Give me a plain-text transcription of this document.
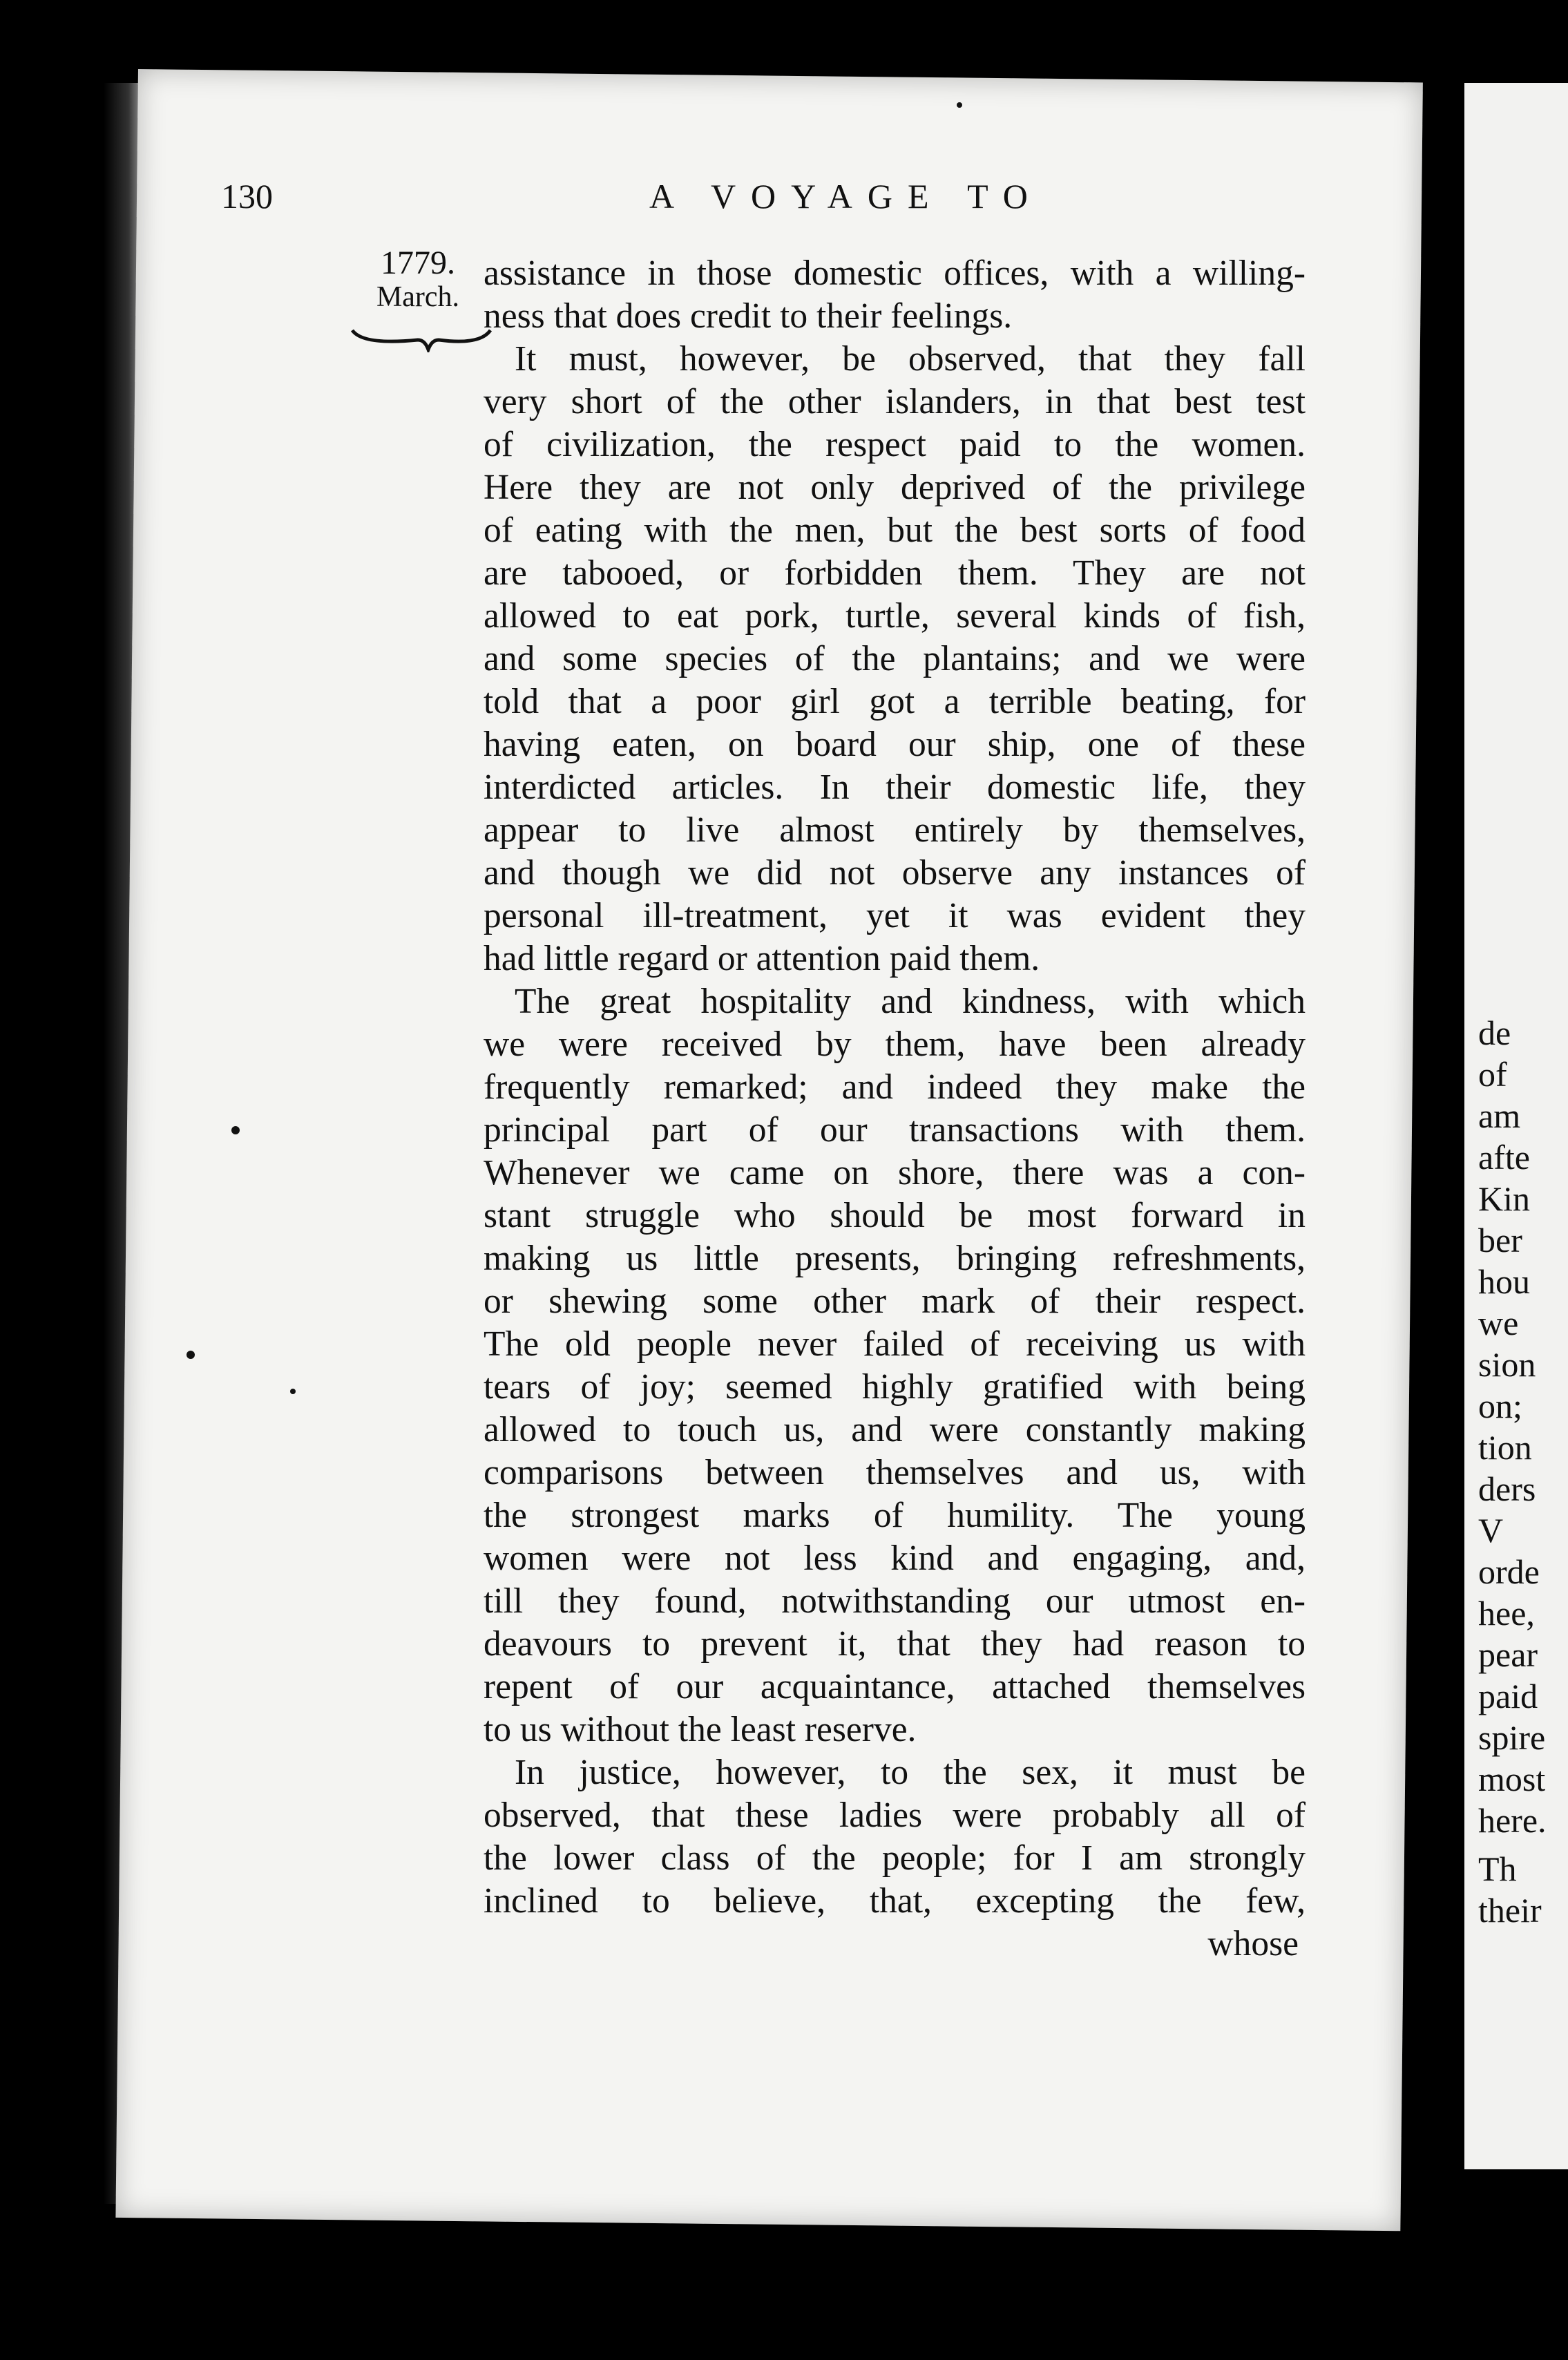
de
of
am
afte
Kin
ber
hou
we
sion
on;
tion
ders
V
orde
hee,
pear
paid
spire
most
here.
Th
their
130	A VOYAGE TO
1779.
March.
assistance in those domestic offices, with a willing-
ness that does credit to their feelings.
It must, however, be observed, that they fall
very short of the other islanders, in that best test
of civilization, the respect paid to the women.
Here they are not only deprived of the privilege
of eating with the men, but the best sorts of food
are tabooed, or forbidden them. They are not
allowed to eat pork, turtle, several kinds of fish,
and some species of the plantains; and we were
told that a poor girl got a terrible beating, for
having eaten, on board our ship, one of these
interdicted articles. In their domestic life, they
appear to live almost entirely by themselves,
and though we did not observe any instances of
personal ill-treatment, yet it was evident they
had little regard or attention paid them.
The great hospitality and kindness, with which
we were received by them, have been already
frequently remarked; and indeed they make the
principal part of our transactions with them.
Whenever we came on shore, there was a con-
stant struggle who should be most forward in
making us little presents, bringing refreshments,
or shewing some other mark of their respect.
The old people never failed of receiving us with
tears of joy; seemed highly gratified with being
allowed to touch us, and were constantly making
comparisons between themselves and us, with
the strongest marks of humility. The young
women were not less kind and engaging, and,
till they found, notwithstanding our utmost en-
deavours to prevent it, that they had reason to
repent of our acquaintance, attached themselves
to us without the least reserve.
In justice, however, to the sex, it must be
observed, that these ladies were probably all of
the lower class of the people; for I am strongly
inclined to believe, that, excepting the few,
whose
